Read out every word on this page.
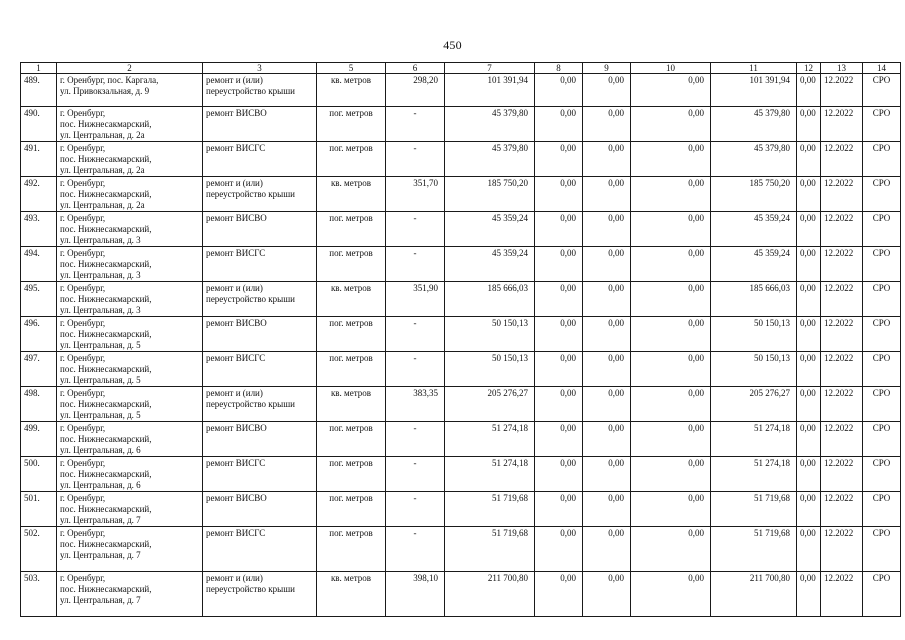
450
1	2	3	5	6	7	8	9	10	11	12	13	14
489.	г. Оренбург, пос. Каргала,
ул. Привокзальная, д. 9	ремонт и (или)
переустройство крыши	кв. метров	298,20	101 391,94	0,00	0,00	0,00	101 391,94	0,00	12.2022	СРО
490.	г. Оренбург,
пос. Нижнесакмарский,
ул. Центральная, д. 2а	ремонт ВИСВО	пог. метров	-	45 379,80	0,00	0,00	0,00	45 379,80	0,00	12.2022	СРО
491.	г. Оренбург,
пос. Нижнесакмарский,
ул. Центральная, д. 2а	ремонт ВИСГС	пог. метров	-	45 379,80	0,00	0,00	0,00	45 379,80	0,00	12.2022	СРО
492.	г. Оренбург,
пос. Нижнесакмарский,
ул. Центральная, д. 2а	ремонт и (или)
переустройство крыши	кв. метров	351,70	185 750,20	0,00	0,00	0,00	185 750,20	0,00	12.2022	СРО
493.	г. Оренбург,
пос. Нижнесакмарский,
ул. Центральная, д. 3	ремонт ВИСВО	пог. метров	-	45 359,24	0,00	0,00	0,00	45 359,24	0,00	12.2022	СРО
494.	г. Оренбург,
пос. Нижнесакмарский,
ул. Центральная, д. 3	ремонт ВИСГС	пог. метров	-	45 359,24	0,00	0,00	0,00	45 359,24	0,00	12.2022	СРО
495.	г. Оренбург,
пос. Нижнесакмарский,
ул. Центральная, д. 3	ремонт и (или)
переустройство крыши	кв. метров	351,90	185 666,03	0,00	0,00	0,00	185 666,03	0,00	12.2022	СРО
496.	г. Оренбург,
пос. Нижнесакмарский,
ул. Центральная, д. 5	ремонт ВИСВО	пог. метров	-	50 150,13	0,00	0,00	0,00	50 150,13	0,00	12.2022	СРО
497.	г. Оренбург,
пос. Нижнесакмарский,
ул. Центральная, д. 5	ремонт ВИСГС	пог. метров	-	50 150,13	0,00	0,00	0,00	50 150,13	0,00	12.2022	СРО
498.	г. Оренбург,
пос. Нижнесакмарский,
ул. Центральная, д. 5	ремонт и (или)
переустройство крыши	кв. метров	383,35	205 276,27	0,00	0,00	0,00	205 276,27	0,00	12.2022	СРО
499.	г. Оренбург,
пос. Нижнесакмарский,
ул. Центральная, д. 6	ремонт ВИСВО	пог. метров	-	51 274,18	0,00	0,00	0,00	51 274,18	0,00	12.2022	СРО
500.	г. Оренбург,
пос. Нижнесакмарский,
ул. Центральная, д. 6	ремонт ВИСГС	пог. метров	-	51 274,18	0,00	0,00	0,00	51 274,18	0,00	12.2022	СРО
501.	г. Оренбург,
пос. Нижнесакмарский,
ул. Центральная, д. 7	ремонт ВИСВО	пог. метров	-	51 719,68	0,00	0,00	0,00	51 719,68	0,00	12.2022	СРО
502.	г. Оренбург,
пос. Нижнесакмарский,
ул. Центральная, д. 7	ремонт ВИСГС	пог. метров	-	51 719,68	0,00	0,00	0,00	51 719,68	0,00	12.2022	СРО
503.	г. Оренбург,
пос. Нижнесакмарский,
ул. Центральная, д. 7	ремонт и (или)
переустройство крыши	кв. метров	398,10	211 700,80	0,00	0,00	0,00	211 700,80	0,00	12.2022	СРО
